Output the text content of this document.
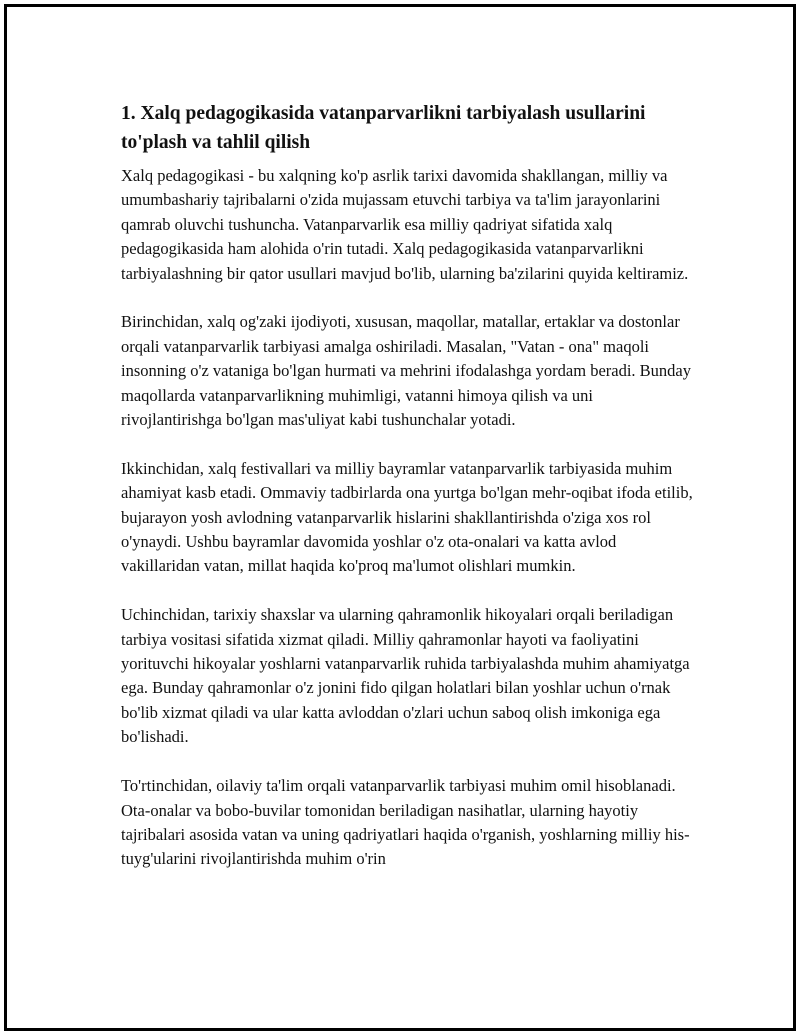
1. Xalq pedagogikasida vatanparvarlikni tarbiyalash usullarini to'plash va tahlil qilish

Xalq pedagogikasi - bu xalqning ko'p asrlik tarixi davomida shakllangan, milliy va umumbashariy tajribalarni o'zida mujassam etuvchi tarbiya va ta'lim jarayonlarini qamrab oluvchi tushuncha. Vatanparvarlik esa milliy qadriyat sifatida xalq pedagogikasida ham alohida o'rin tutadi. Xalq pedagogikasida vatanparvarlikni tarbiyalashning bir qator usullari mavjud bo'lib, ularning ba'zilarini quyida keltiramiz.

Birinchidan, xalq og'zaki ijodiyoti, xususan, maqollar, matallar, ertaklar va dostonlar orqali vatanparvarlik tarbiyasi amalga oshiriladi. Masalan, "Vatan - ona" maqoli insonning o'z vataniga bo'lgan hurmati va mehrini ifodalashga yordam beradi. Bunday maqollarda vatanparvarlikning muhimligi, vatanni himoya qilish va uni rivojlantirishga bo'lgan mas'uliyat kabi tushunchalar yotadi.

Ikkinchidan, xalq festivallari va milliy bayramlar vatanparvarlik tarbiyasida muhim ahamiyat kasb etadi. Ommaviy tadbirlarda ona yurtga bo'lgan mehr-oqibat ifoda etilib, bujarayon yosh avlodning vatanparvarlik hislarini shakllantirishda o'ziga xos rol o'ynaydi. Ushbu bayramlar davomida yoshlar o'z ota-onalari va katta avlod vakillaridan vatan, millat haqida ko'proq ma'lumot olishlari mumkin.

Uchinchidan, tarixiy shaxslar va ularning qahramonlik hikoyalari orqali beriladigan tarbiya vositasi sifatida xizmat qiladi. Milliy qahramonlar hayoti va faoliyatini yorituvchi hikoyalar yoshlarni vatanparvarlik ruhida tarbiyalashda muhim ahamiyatga ega. Bunday qahramonlar o'z jonini fido qilgan holatlari bilan yoshlar uchun o'rnak bo'lib xizmat qiladi va ular katta avloddan o'zlari uchun saboq olish imkoniga ega bo'lishadi.

To'rtinchidan, oilaviy ta'lim orqali vatanparvarlik tarbiyasi muhim omil hisoblanadi. Ota-onalar va bobo-buvilar tomonidan beriladigan nasihatlar, ularning hayotiy tajribalari asosida vatan va uning qadriyatlari haqida o'rganish, yoshlarning milliy his-tuyg'ularini rivojlantirishda muhim o'rin
